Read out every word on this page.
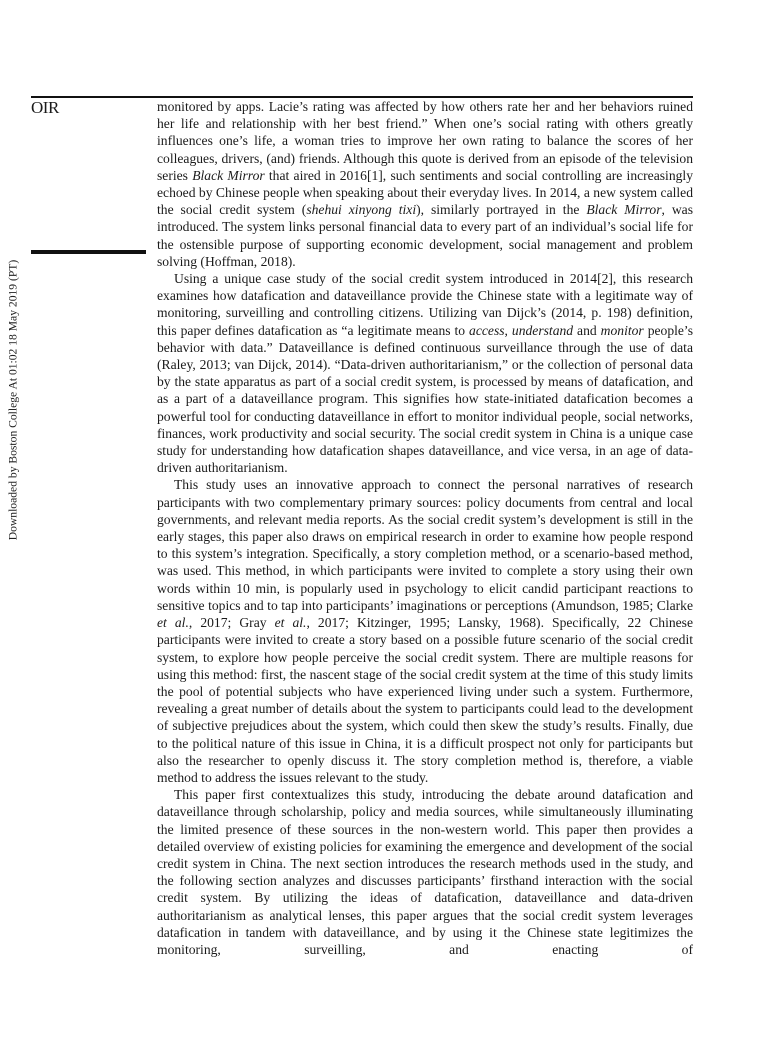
OIR
Downloaded by Boston College At 01:02 18 May 2019 (PT)

monitored by apps. Lacie’s rating was affected by how others rate her and her behaviors ruined her life and relationship with her best friend.” When one’s social rating with others greatly influences one’s life, a woman tries to improve her own rating to balance the scores of her colleagues, drivers, (and) friends. Although this quote is derived from an episode of the television series Black Mirror that aired in 2016[1], such sentiments and social controlling are increasingly echoed by Chinese people when speaking about their everyday lives. In 2014, a new system called the social credit system (shehui xinyong tixi), similarly portrayed in the Black Mirror, was introduced. The system links personal financial data to every part of an individual’s social life for the ostensible purpose of supporting economic development, social management and problem solving (Hoffman, 2018).

Using a unique case study of the social credit system introduced in 2014[2], this research examines how datafication and dataveillance provide the Chinese state with a legitimate way of monitoring, surveilling and controlling citizens. Utilizing van Dijck’s (2014, p. 198) definition, this paper defines datafication as “a legitimate means to access, understand and monitor people’s behavior with data.” Dataveillance is defined continuous surveillance through the use of data (Raley, 2013; van Dijck, 2014). “Data-driven authoritarianism,” or the collection of personal data by the state apparatus as part of a social credit system, is processed by means of datafication, and as a part of a dataveillance program. This signifies how state-initiated datafication becomes a powerful tool for conducting dataveillance in effort to monitor individual people, social networks, finances, work productivity and social security. The social credit system in China is a unique case study for understanding how datafication shapes dataveillance, and vice versa, in an age of data-driven authoritarianism.

This study uses an innovative approach to connect the personal narratives of research participants with two complementary primary sources: policy documents from central and local governments, and relevant media reports. As the social credit system’s development is still in the early stages, this paper also draws on empirical research in order to examine how people respond to this system’s integration. Specifically, a story completion method, or a scenario-based method, was used. This method, in which participants were invited to complete a story using their own words within 10 min, is popularly used in psychology to elicit candid participant reactions to sensitive topics and to tap into participants’ imaginations or perceptions (Amundson, 1985; Clarke et al., 2017; Gray et al., 2017; Kitzinger, 1995; Lansky, 1968). Specifically, 22 Chinese participants were invited to create a story based on a possible future scenario of the social credit system, to explore how people perceive the social credit system. There are multiple reasons for using this method: first, the nascent stage of the social credit system at the time of this study limits the pool of potential subjects who have experienced living under such a system. Furthermore, revealing a great number of details about the system to participants could lead to the development of subjective prejudices about the system, which could then skew the study’s results. Finally, due to the political nature of this issue in China, it is a difficult prospect not only for participants but also the researcher to openly discuss it. The story completion method is, therefore, a viable method to address the issues relevant to the study.

This paper first contextualizes this study, introducing the debate around datafication and dataveillance through scholarship, policy and media sources, while simultaneously illuminating the limited presence of these sources in the non-western world. This paper then provides a detailed overview of existing policies for examining the emergence and development of the social credit system in China. The next section introduces the research methods used in the study, and the following section analyzes and discusses participants’ firsthand interaction with the social credit system. By utilizing the ideas of datafication, dataveillance and data-driven authoritarianism as analytical lenses, this paper argues that the social credit system leverages datafication in tandem with dataveillance, and by using it the Chinese state legitimizes the monitoring, surveilling, and enacting of
